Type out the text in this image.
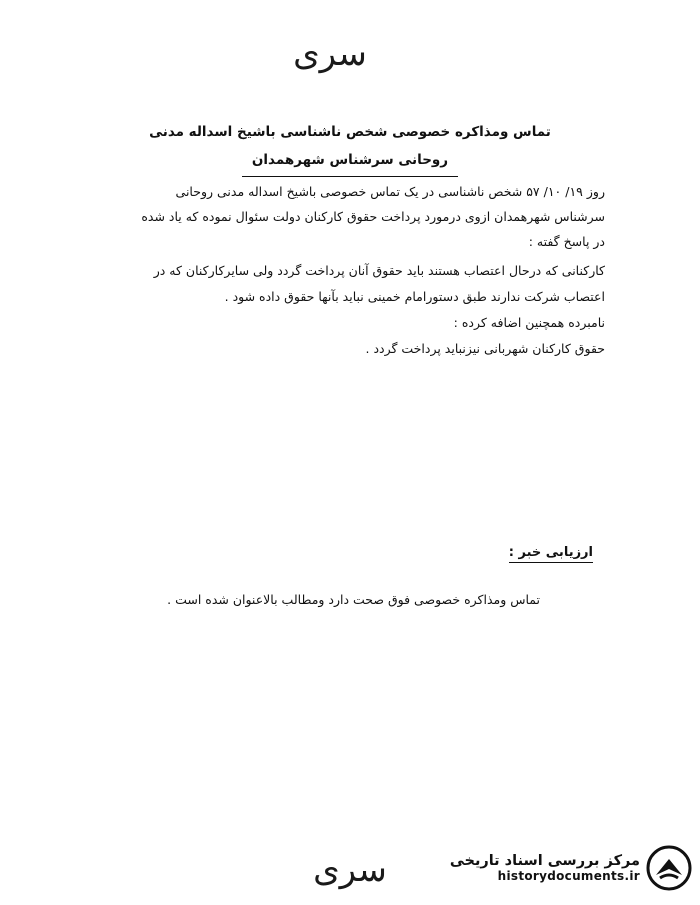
سری
تماس ومذاکره خصوصی شخص ناشناسی باشیخ اسداله مدنی
روحانی سرشناس شهرهمدان

روز ۱۹/ ۱۰/ ۵۷ شخص ناشناسی در یک تماس خصوصی باشیخ اسداله مدنی روحانی

سرشناس شهرهمدان ازوی درمورد پرداخت حقوق کارکنان دولت سئوال نموده که یاد شده

در پاسخ گفته :

کارکنانی که درحال اعتصاب هستند باید حقوق آنان پرداخت گردد ولی سایرکارکنان که در

اعتصاب شرکت ندارند طبق دستورامام خمینی نباید بآنها حقوق داده شود .

نامبرده همچنین اضافه کرده :

حقوق کارکنان شهربانی نیزنباید پرداخت گردد .

ارزیابی خبر :
تماس ومذاکره خصوصی فوق صحت دارد ومطالب بالاعنوان شده است .
سری	مرکز بررسی اسناد تاریخی
historydocuments.ir
